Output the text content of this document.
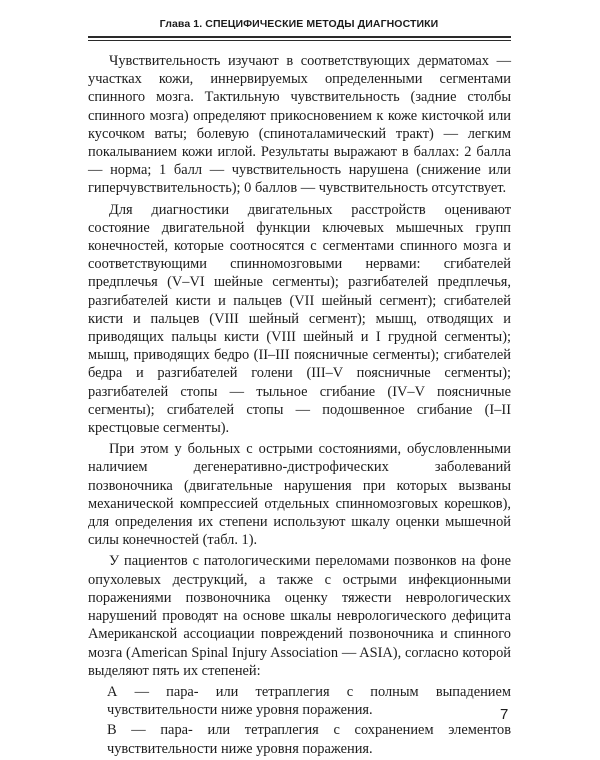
Глава 1. СПЕЦИФИЧЕСКИЕ МЕТОДЫ ДИАГНОСТИКИ

Чувствительность изучают в соответствующих дерматомах — участках кожи, иннервируемых определенными сегментами спинного мозга. Тактильную чувствительность (задние столбы спинного мозга) определяют прикосновением к коже кисточкой или кусочком ваты; болевую (спиноталамический тракт) — легким покалыванием кожи иглой. Результаты выражают в баллах: 2 балла — норма; 1 балл — чувствительность нарушена (снижение или гиперчувствительность); 0 баллов — чувствительность отсутствует.

Для диагностики двигательных расстройств оценивают состояние двигательной функции ключевых мышечных групп конечностей, которые соотносятся с сегментами спинного мозга и соответствующими спинномозговыми нервами: сгибателей предплечья (V–VI шейные сегменты); разгибателей предплечья, разгибателей кисти и пальцев (VII шейный сегмент); сгибателей кисти и пальцев (VIII шейный сегмент); мышц, отводящих и приводящих пальцы кисти (VIII шейный и I грудной сегменты); мышц, приводящих бедро (II–III поясничные сегменты); сгибателей бедра и разгибателей голени (III–V поясничные сегменты); разгибателей стопы — тыльное сгибание (IV–V поясничные сегменты); сгибателей стопы — подошвенное сгибание (I–II крестцовые сегменты).

При этом у больных с острыми состояниями, обусловленными наличием дегенеративно-дистрофических заболеваний позвоночника (двигательные нарушения при которых вызваны механической компрессией отдельных спинномозговых корешков), для определения их степени используют шкалу оценки мышечной силы конечностей (табл. 1).

У пациентов с патологическими переломами позвонков на фоне опухолевых деструкций, а также с острыми инфекционными поражениями позвоночника оценку тяжести неврологических нарушений проводят на основе шкалы неврологического дефицита Американской ассоциации повреждений позвоночника и спинного мозга (American Spinal Injury Association — ASIA), согласно которой выделяют пять их степеней:

А — пара- или тетраплегия с полным выпадением чувствительности ниже уровня поражения.

В — пара- или тетраплегия с сохранением элементов чувствительности ниже уровня поражения.

7
